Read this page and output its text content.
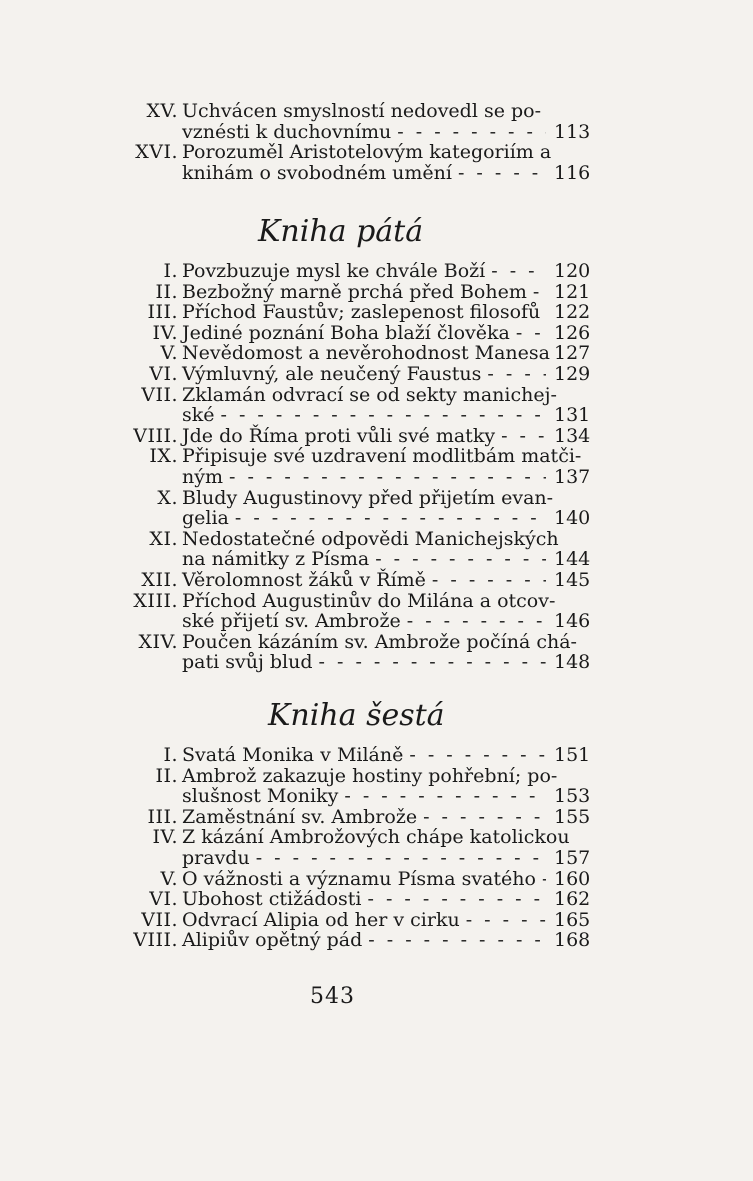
XV. Uchvácen smyslností nedovedl se po-
vznésti k duchovnímu - - -	113
XVI. Porozuměl Aristotelovým kategoriím a
knihám o svobodném umění - - -	116
Kniha pátá
I. Povzbuzuje mysl ke chvále Boží - - -	120
II. Bezbožný marně prchá před Bohem - - - 121
III. Příchod Faustův; zaslepenost filosofů 122
IV. Jediné poznání Boha blaží člověka - - - 126
V. Nevědomost a nevěrohodnost Manesa 127
VI. Výmluvný, ale neučený Faustus - - -	129
VII. Zklamán odvrací se od sekty manichej-
ské - - -	131
VIII. Jde do Říma proti vůli své matky - - -	134
IX. Připisuje své uzdravení modlitbám matči-
ným - - -	137
X. Bludy Augustinovy před přijetím evan-
gelia - - -	140
XI. Nedostatečné odpovědi Manichejských
na námitky z Písma - - -	144
XII. Věrolomnost žáků v Římě - - -	145
XIII. Příchod Augustinův do Milána a otcov-
ské přijetí sv. Ambrože - - -	146
XIV. Poučen kázáním sv. Ambrože počíná chá-
pati svůj blud - - -	148
Kniha šestá
I. Svatá Monika v Miláně - - -	151
II. Ambrož zakazuje hostiny pohřební; po-
slušnost Moniky - - -	153
III. Zaměstnání sv. Ambrože - - -	155
IV. Z kázání Ambrožových chápe katolickou
pravdu - - -	157
V. O vážnosti a významu Písma svatého - - - 160
VI. Ubohost ctižádosti - - -	162
VII. Odvrací Alipia od her v cirku - - -	165
VIII. Alipiův opětný pád - - -	168
543
